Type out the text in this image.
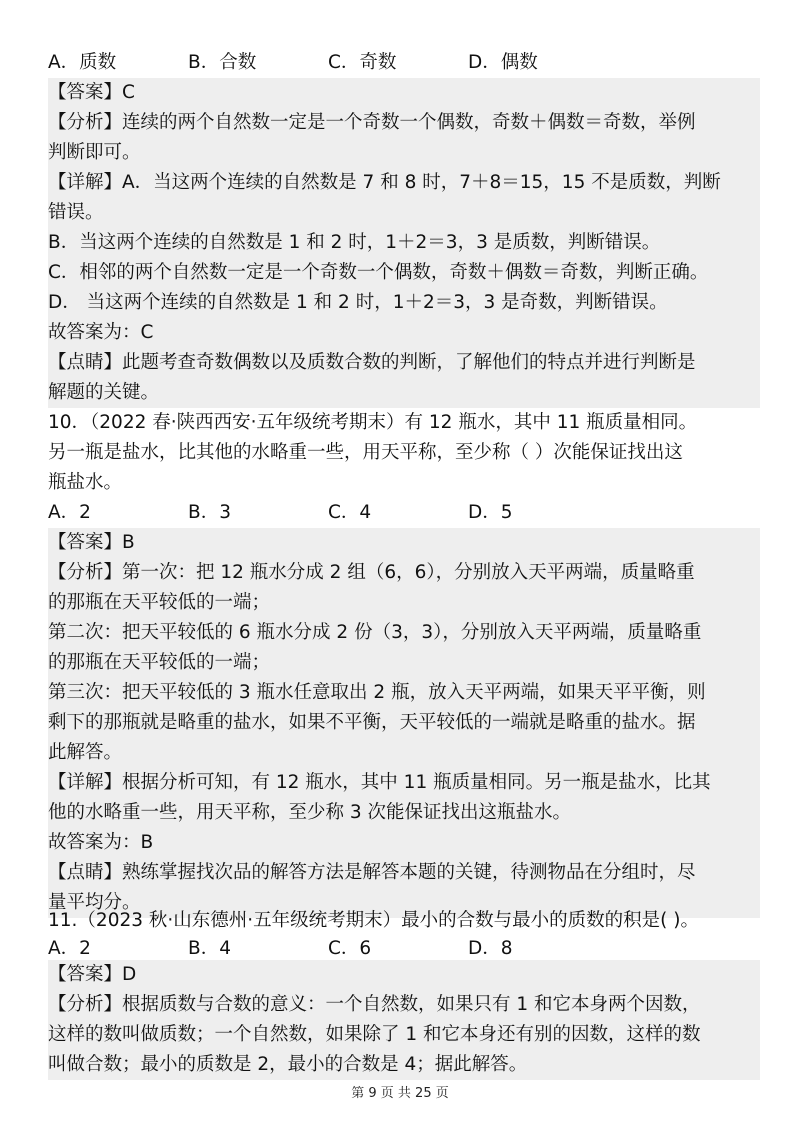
A．质数	B．合数	C．奇数	D．偶数
【答案】C
【分析】连续的两个自然数一定是一个奇数一个偶数，奇数＋偶数＝奇数，举例
判断即可。
【详解】A．当这两个连续的自然数是 7 和 8 时，7＋8＝15，15 不是质数，判断
错误。
B．当这两个连续的自然数是 1 和 2 时，1＋2＝3，3 是质数，判断错误。
C．相邻的两个自然数一定是一个奇数一个偶数，奇数＋偶数＝奇数，判断正确。
D． 当这两个连续的自然数是 1 和 2 时，1＋2＝3，3 是奇数，判断错误。
故答案为：C
【点睛】此题考查奇数偶数以及质数合数的判断，了解他们的特点并进行判断是
解题的关键。
10．（2022 春·陕西西安·五年级统考期末）有 12 瓶水，其中 11 瓶质量相同。
另一瓶是盐水，比其他的水略重一些，用天平称，至少称（ ）次能保证找出这
瓶盐水。
A．2	B．3	C．4	D．5
【答案】B
【分析】第一次：把 12 瓶水分成 2 组（6，6），分别放入天平两端，质量略重
的那瓶在天平较低的一端；
第二次：把天平较低的 6 瓶水分成 2 份（3，3），分别放入天平两端，质量略重
的那瓶在天平较低的一端；
第三次：把天平较低的 3 瓶水任意取出 2 瓶，放入天平两端，如果天平平衡，则
剩下的那瓶就是略重的盐水，如果不平衡，天平较低的一端就是略重的盐水。据
此解答。
【详解】根据分析可知，有 12 瓶水，其中 11 瓶质量相同。另一瓶是盐水，比其
他的水略重一些，用天平称，至少称 3 次能保证找出这瓶盐水。
故答案为：B
【点睛】熟练掌握找次品的解答方法是解答本题的关键，待测物品在分组时，尽
量平均分。
11.（2023 秋·山东德州·五年级统考期末）最小的合数与最小的质数的积是( )。
A．2	B．4	C．6	D．8
【答案】D
【分析】根据质数与合数的意义：一个自然数，如果只有 1 和它本身两个因数，
这样的数叫做质数；一个自然数，如果除了 1 和它本身还有别的因数，这样的数
第 9 页 共 25 页
叫做合数；最小的质数是 2，最小的合数是 4；据此解答。
